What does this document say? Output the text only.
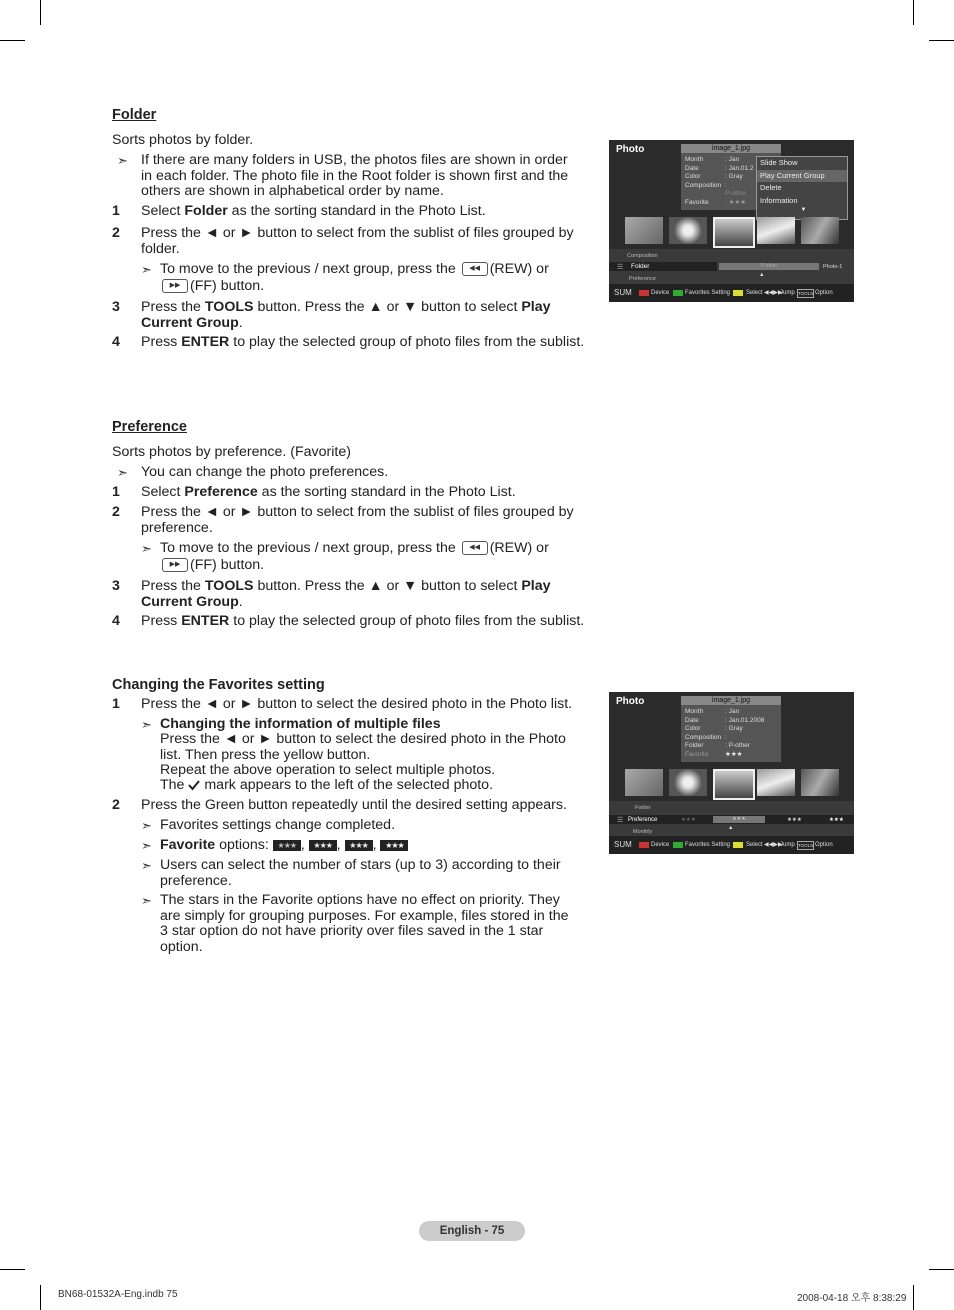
Folder
Sorts photos by folder.
➣ If there are many folders in USB, the photos files are shown in order in each folder. The photo file in the Root folder is shown first and the others are shown in alphabetical order by name.
1 Select Folder as the sorting standard in the Photo List.
2 Press the ◄ or ► button to select from the sublist of files grouped by folder.
➣ To move to the previous / next group, press the ◀◀ (REW) or
▶▶ (FF) button.
3 Press the TOOLS button. Press the ▲ or ▼ button to select Play Current Group.
4 Press ENTER to play the selected group of photo files from the sublist.
Preference
Sorts photos by preference. (Favorite)
➣ You can change the photo preferences.
1 Select Preference as the sorting standard in the Photo List.
2 Press the ◄ or ► button to select from the sublist of files grouped by preference.
➣ To move to the previous / next group, press the ◀◀ (REW) or
▶▶ (FF) button.
3 Press the TOOLS button. Press the ▲ or ▼ button to select Play Current Group.
4 Press ENTER to play the selected group of photo files from the sublist.
Changing the Favorites setting
1 Press the ◄ or ► button to select the desired photo in the Photo list.
➣ Changing the information of multiple files
Press the ◄ or ► button to select the desired photo in the Photo
list. Then press the yellow button.
Repeat the above operation to select multiple photos.
The mark appears to the left of the selected photo.
2 Press the Green button repeatedly until the desired setting appears.
➣ Favorites settings change completed.
➣ Favorite options: ★★★ , ★★★ , ★★★ , ★★★
➣ Users can select the number of stars (up to 3) according to their preference.
➣ The stars in the Favorite options have no effect on priority. They are simply for grouping purposes. For example, files stored in the 3 star option do not have priority over files saved in the 1 star option.
Photo	image_1.jpg
Month	: Jan
Date	: Jan.01.2
Color	: Gray
Composition :
P-other
Favorite	: ★★★
Slide Show
Play Current Group
Delete
Information
▼
Composition
☰ Folder
Preference
P-other	Photo-1
▲
SUM	Device	Favorites Setting	Select ◀◀▶▶
Jump TOOLS Option
Photo	image_1.jpg
Month	: Jan
Date	: Jan.01.2008
Color	: Gray
Composition :
Folder	: P-other
Favorite	★★★
Folder
☰ Preference
Monthly
★★★	★★★	★★★	★★★
▲
SUM	Device	Favorites Setting	Select ◀◀▶▶
Jump TOOLS Option
English - 75
BN68-01532A-Eng.indb 75	2008-04-18 오후 8:38:29
